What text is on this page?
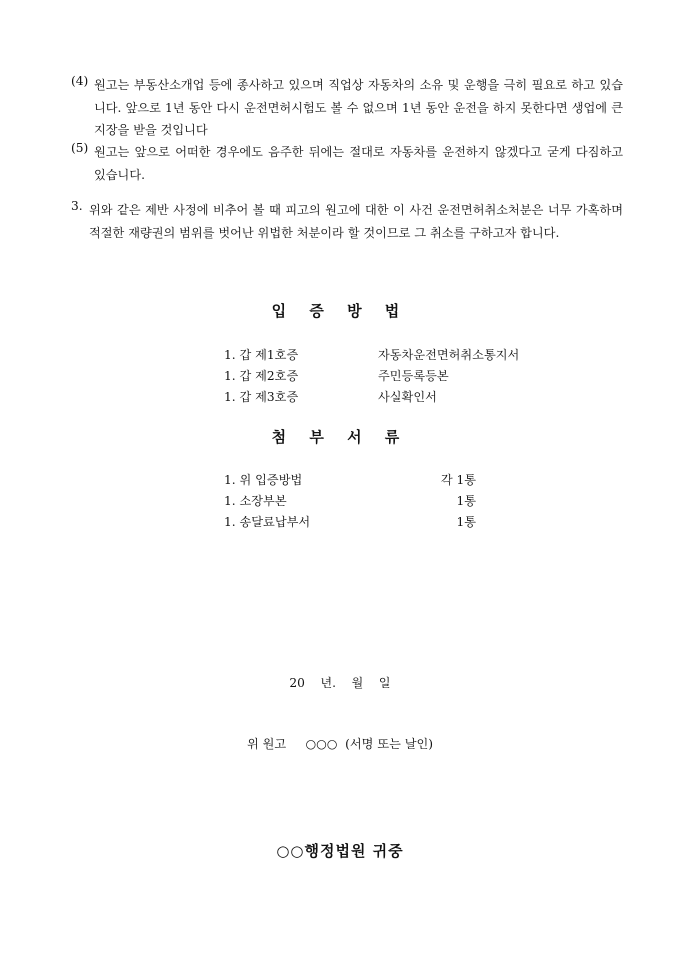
(4) 원고는 부동산소개업 등에 종사하고 있으며 직업상 자동차의 소유 및 운행을 극히 필요로 하고 있습니다. 앞으로 1년 동안 다시 운전면허시험도 볼 수 없으며 1년 동안 운전을 하지 못한다면 생업에 큰 지장을 받을 것입니다
(5) 원고는 앞으로 어떠한 경우에도 음주한 뒤에는 절대로 자동차를 운전하지 않겠다고 굳게 다짐하고 있습니다.
3. 위와 같은 제반 사정에 비추어 볼 때 피고의 원고에 대한 이 사건 운전면허취소처분은 너무 가혹하며 적절한 재량권의 범위를 벗어난 위법한 처분이라 할 것이므로 그 취소를 구하고자 합니다.
입 증 방 법
1. 갑 제1호증	자동차운전면허취소통지서
1. 갑 제2호증	주민등록등본
1. 갑 제3호증	사실확인서
첨 부 서 류
1. 위 입증방법	각 1통
1. 소장부본	1통
1. 송달료납부서	1통
20    년.    월    일
위 원고     ○○○  (서명 또는 날인)
○○행정법원 귀중
